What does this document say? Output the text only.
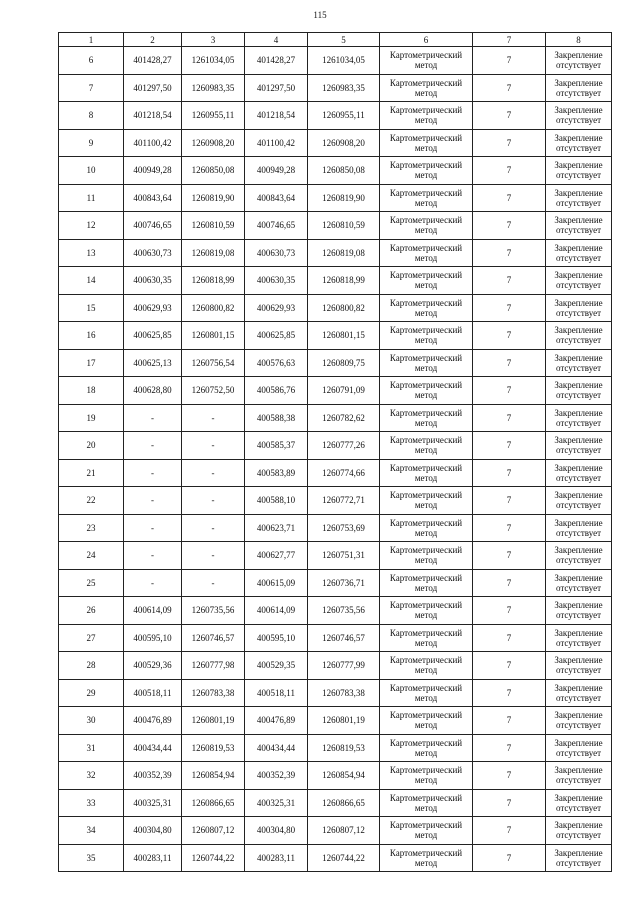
115
1	2	3	4	5	6	7	8
6	401428,27	1261034,05	401428,27	1261034,05	Картометрический метод	7	Закрепление отсутствует
7	401297,50	1260983,35	401297,50	1260983,35	Картометрический метод	7	Закрепление отсутствует
8	401218,54	1260955,11	401218,54	1260955,11	Картометрический метод	7	Закрепление отсутствует
9	401100,42	1260908,20	401100,42	1260908,20	Картометрический метод	7	Закрепление отсутствует
10	400949,28	1260850,08	400949,28	1260850,08	Картометрический метод	7	Закрепление отсутствует
11	400843,64	1260819,90	400843,64	1260819,90	Картометрический метод	7	Закрепление отсутствует
12	400746,65	1260810,59	400746,65	1260810,59	Картометрический метод	7	Закрепление отсутствует
13	400630,73	1260819,08	400630,73	1260819,08	Картометрический метод	7	Закрепление отсутствует
14	400630,35	1260818,99	400630,35	1260818,99	Картометрический метод	7	Закрепление отсутствует
15	400629,93	1260800,82	400629,93	1260800,82	Картометрический метод	7	Закрепление отсутствует
16	400625,85	1260801,15	400625,85	1260801,15	Картометрический метод	7	Закрепление отсутствует
17	400625,13	1260756,54	400576,63	1260809,75	Картометрический метод	7	Закрепление отсутствует
18	400628,80	1260752,50	400586,76	1260791,09	Картометрический метод	7	Закрепление отсутствует
19	-	-	400588,38	1260782,62	Картометрический метод	7	Закрепление отсутствует
20	-	-	400585,37	1260777,26	Картометрический метод	7	Закрепление отсутствует
21	-	-	400583,89	1260774,66	Картометрический метод	7	Закрепление отсутствует
22	-	-	400588,10	1260772,71	Картометрический метод	7	Закрепление отсутствует
23	-	-	400623,71	1260753,69	Картометрический метод	7	Закрепление отсутствует
24	-	-	400627,77	1260751,31	Картометрический метод	7	Закрепление отсутствует
25	-	-	400615,09	1260736,71	Картометрический метод	7	Закрепление отсутствует
26	400614,09	1260735,56	400614,09	1260735,56	Картометрический метод	7	Закрепление отсутствует
27	400595,10	1260746,57	400595,10	1260746,57	Картометрический метод	7	Закрепление отсутствует
28	400529,36	1260777,98	400529,35	1260777,99	Картометрический метод	7	Закрепление отсутствует
29	400518,11	1260783,38	400518,11	1260783,38	Картометрический метод	7	Закрепление отсутствует
30	400476,89	1260801,19	400476,89	1260801,19	Картометрический метод	7	Закрепление отсутствует
31	400434,44	1260819,53	400434,44	1260819,53	Картометрический метод	7	Закрепление отсутствует
32	400352,39	1260854,94	400352,39	1260854,94	Картометрический метод	7	Закрепление отсутствует
33	400325,31	1260866,65	400325,31	1260866,65	Картометрический метод	7	Закрепление отсутствует
34	400304,80	1260807,12	400304,80	1260807,12	Картометрический метод	7	Закрепление отсутствует
35	400283,11	1260744,22	400283,11	1260744,22	Картометрический метод	7	Закрепление отсутствует
